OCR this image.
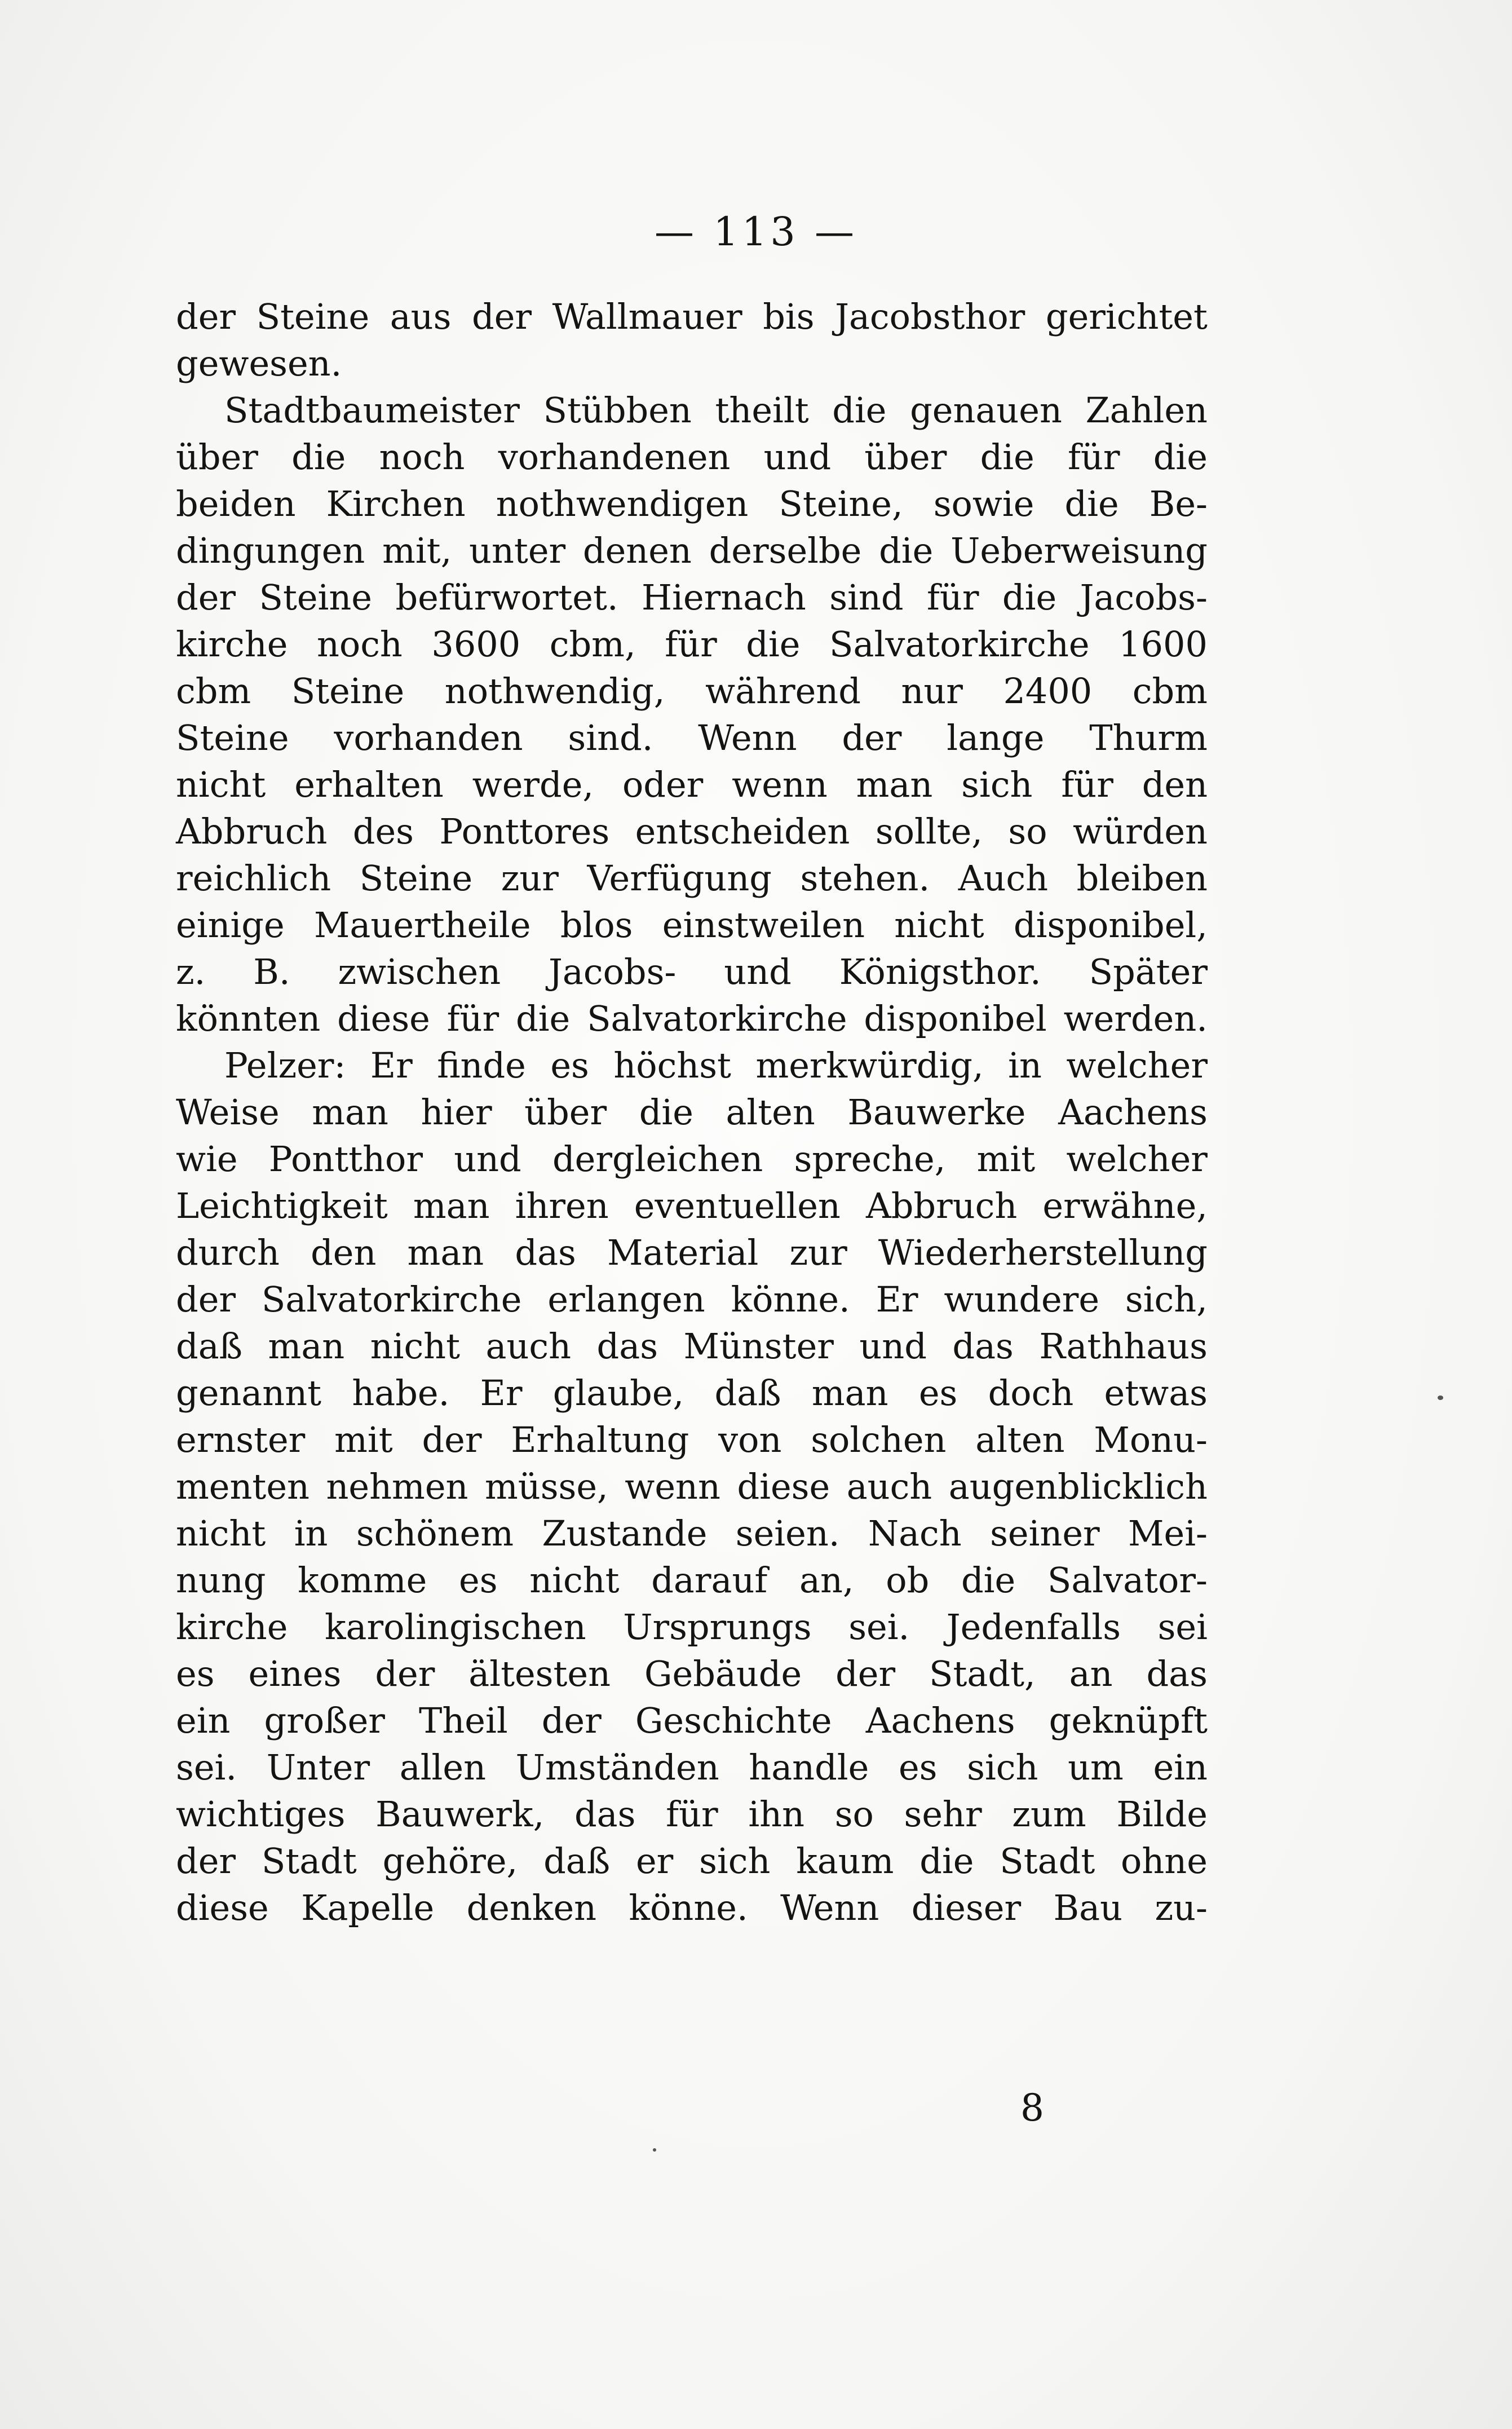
— 113 —
der Steine aus der Wallmauer bis Jacobsthor gerichtet
gewesen.
Stadtbaumeister Stübben theilt die genauen Zahlen
über die noch vorhandenen und über die für die
beiden Kirchen nothwendigen Steine, sowie die Be-
dingungen mit, unter denen derselbe die Ueberweisung
der Steine befürwortet. Hiernach sind für die Jacobs-
kirche noch 3600 cbm, für die Salvatorkirche 1600
cbm Steine nothwendig, während nur 2400 cbm
Steine vorhanden sind. Wenn der lange Thurm
nicht erhalten werde, oder wenn man sich für den
Abbruch des Ponttores entscheiden sollte, so würden
reichlich Steine zur Verfügung stehen. Auch bleiben
einige Mauertheile blos einstweilen nicht disponibel,
z. B. zwischen Jacobs- und Königsthor. Später
könnten diese für die Salvatorkirche disponibel werden.
Pelzer: Er finde es höchst merkwürdig, in welcher
Weise man hier über die alten Bauwerke Aachens
wie Pontthor und dergleichen spreche, mit welcher
Leichtigkeit man ihren eventuellen Abbruch erwähne,
durch den man das Material zur Wiederherstellung
der Salvatorkirche erlangen könne. Er wundere sich,
daß man nicht auch das Münster und das Rathhaus
genannt habe. Er glaube, daß man es doch etwas
ernster mit der Erhaltung von solchen alten Monu-
menten nehmen müsse, wenn diese auch augenblicklich
nicht in schönem Zustande seien. Nach seiner Mei-
nung komme es nicht darauf an, ob die Salvator-
kirche karolingischen Ursprungs sei. Jedenfalls sei
es eines der ältesten Gebäude der Stadt, an das
ein großer Theil der Geschichte Aachens geknüpft
sei. Unter allen Umständen handle es sich um ein
wichtiges Bauwerk, das für ihn so sehr zum Bilde
der Stadt gehöre, daß er sich kaum die Stadt ohne
diese Kapelle denken könne. Wenn dieser Bau zu-
8
